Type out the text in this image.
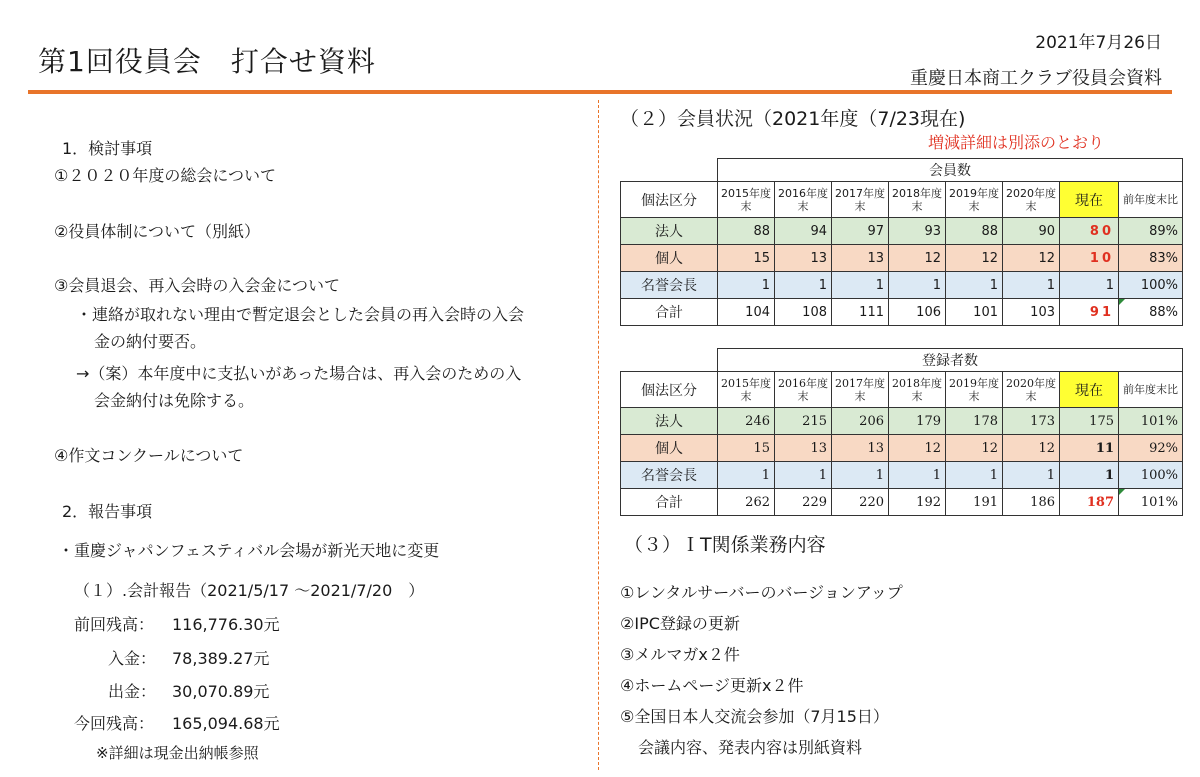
第1回役員会　打合せ資料
2021年7月26日
重慶日本商工クラブ役員会資料
1．検討事項
①２０２０年度の総会について
②役員体制について（別紙）
③会員退会、再入会時の入会金について
・連絡が取れない理由で暫定退会とした会員の再入会時の入会
金の納付要否。
→（案）本年度中に支払いがあった場合は、再入会のための入
会金納付は免除する。
④作文コンクールについて
2．報告事項
・重慶ジャパンフェスティバル会場が新光天地に変更
（１）.会計報告（2021/5/17 ～2021/7/20　）
前回残高： 116,776.30元
入金： 78,389.27元
出金： 30,070.89元
今回残高： 165,094.68元
※詳細は現金出納帳参照
（２）会員状況（2021年度（7/23現在)
増減詳細は別添のとおり
	会員数							
個法区分	2015年度末	2016年度末	2017年度末	2018年度末	2019年度末	2020年度末	現在	前年度末比
法人	88	94	97	93	88	90	80	89%
個人	15	13	13	12	12	12	10	83%
名誉会長	1	1	1	1	1	1	1	100%
合計	104	108	111	106	101	103	91	88%
	登録者数							
個法区分	2015年度末	2016年度末	2017年度末	2018年度末	2019年度末	2020年度末	現在	前年度末比
法人	246	215	206	179	178	173	175	101%
個人	15	13	13	12	12	12	11	92%
名誉会長	1	1	1	1	1	1	1	100%
合計	262	229	220	192	191	186	187	101%
（３）ＩT関係業務内容
①レンタルサーバーのバージョンアップ
②IPC登録の更新
③メルマガx２件
④ホームページ更新x２件
⑤全国日本人交流会参加（7月15日）
会議内容、発表内容は別紙資料
